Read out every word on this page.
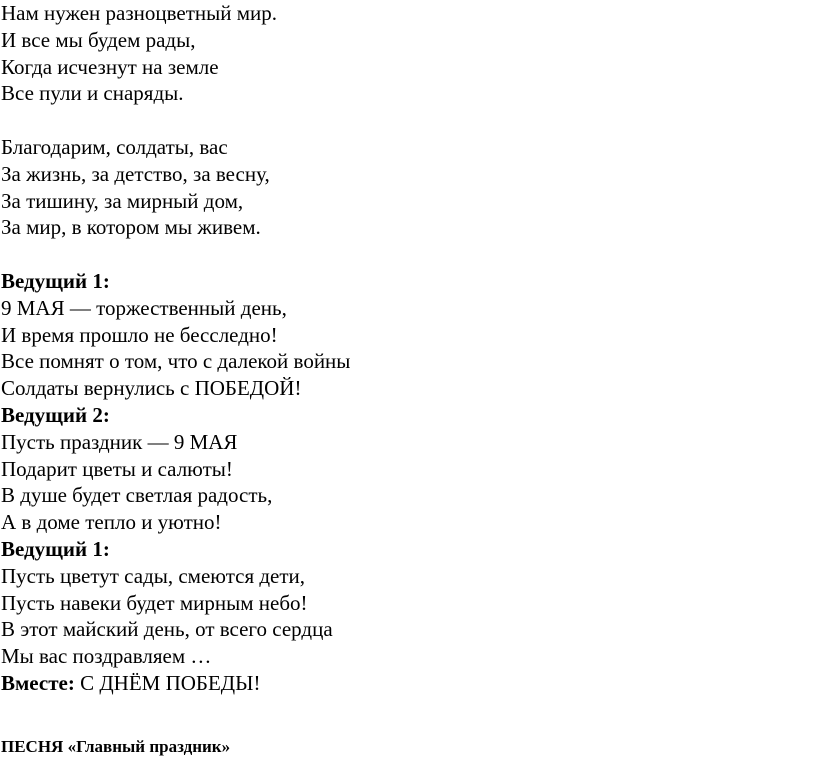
Нам нужен разноцветный мир.
И все мы будем рады,
Когда исчезнут на земле
Все пули и снаряды.
Благодарим, солдаты, вас
За жизнь, за детство, за весну,
За тишину, за мирный дом,
За мир, в котором мы живем.
Ведущий 1:
9 МАЯ — торжественный день,
И время прошло не бесследно!
Все помнят о том, что с далекой войны
Солдаты вернулись с ПОБЕДОЙ!
Ведущий 2:
Пусть праздник — 9 МАЯ
Подарит цветы и салюты!
В душе будет светлая радость,
А в доме тепло и уютно!
Ведущий 1:
Пусть цветут сады, смеются дети,
Пусть навеки будет мирным небо!
В этот майский день, от всего сердца
Мы вас поздравляем …
Вместе: С ДНЁМ ПОБЕДЫ!
ПЕСНЯ «Главный праздник»
